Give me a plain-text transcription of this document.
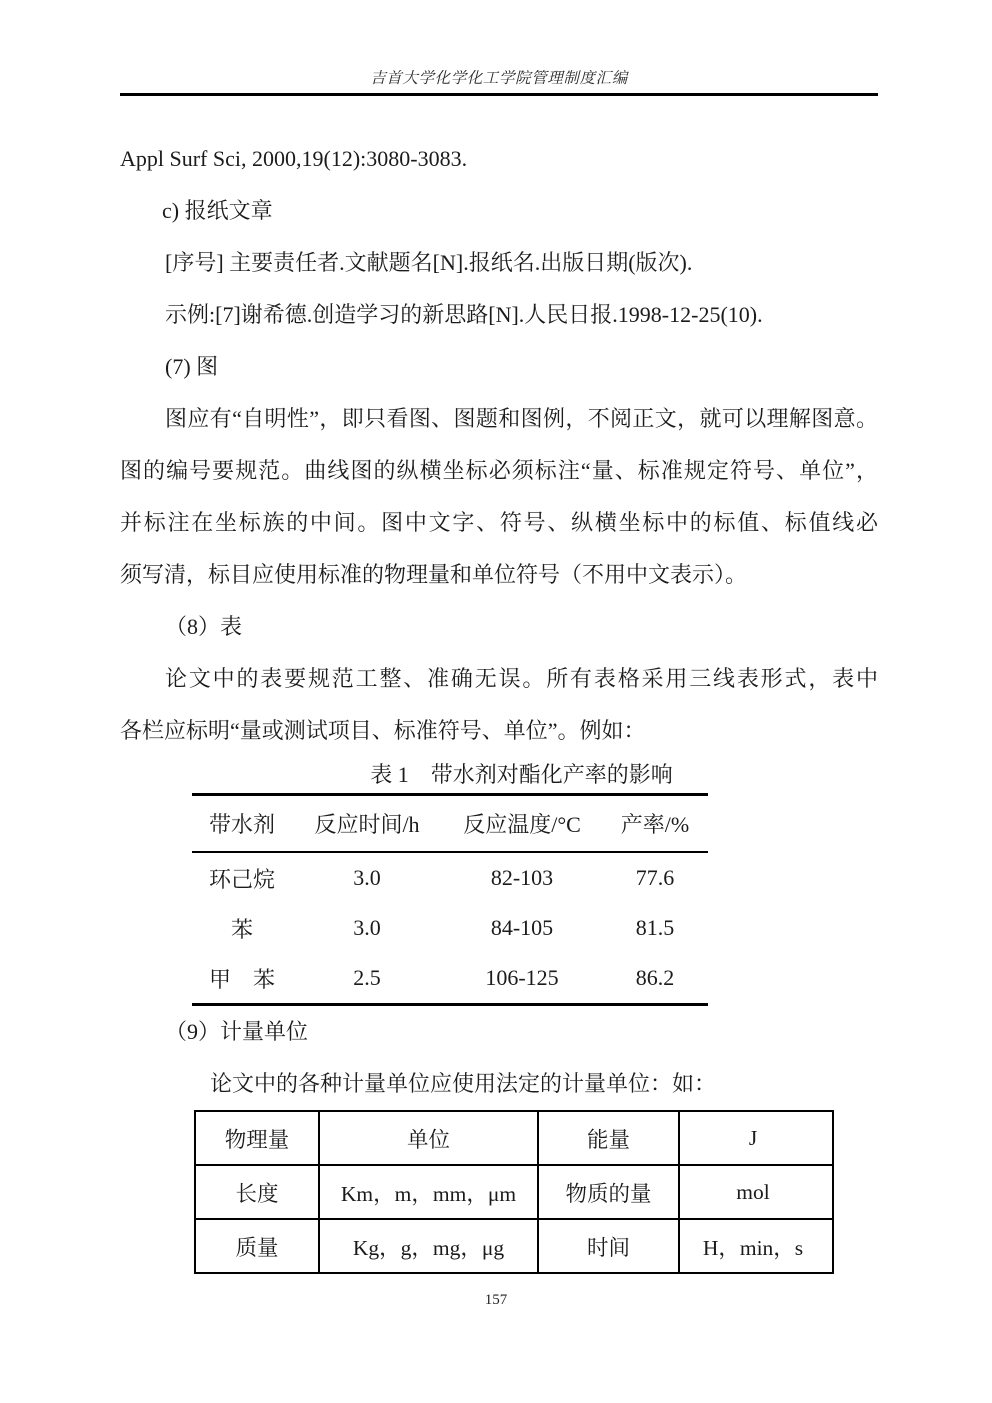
吉首大学化学化工学院管理制度汇编
Appl Surf Sci, 2000,19(12):3080-3083.
c) 报纸文章
[序号] 主要责任者.文献题名[N].报纸名.出版日期(版次).
示例:[7]谢希德.创造学习的新思路[N].人民日报.1998-12-25(10).
(7) 图
图应有“自明性”，即只看图、图题和图例，不阅正文，就可以理解图意。
图的编号要规范。曲线图的纵横坐标必须标注“量、标准规定符号、单位”，
并标注在坐标族的中间。图中文字、符号、纵横坐标中的标值、标值线必
须写清，标目应使用标准的物理量和单位符号（不用中文表示）。
（8）表
论文中的表要规范工整、准确无误。所有表格采用三线表形式，表中
各栏应标明“量或测试项目、标准符号、单位”。例如：
表 1　带水剂对酯化产率的影响
带水剂	反应时间/h	反应温度/°C	产率/%
环己烷	3.0	82-103	77.6
苯	3.0	84-105	81.5
甲　苯	2.5	106-125	86.2
（9）计量单位
论文中的各种计量单位应使用法定的计量单位：如：
物理量	单位	能量	J
长度	Km，m，mm，μm	物质的量	mol
质量	Kg，g，mg，μg	时间	H，min，s
157
